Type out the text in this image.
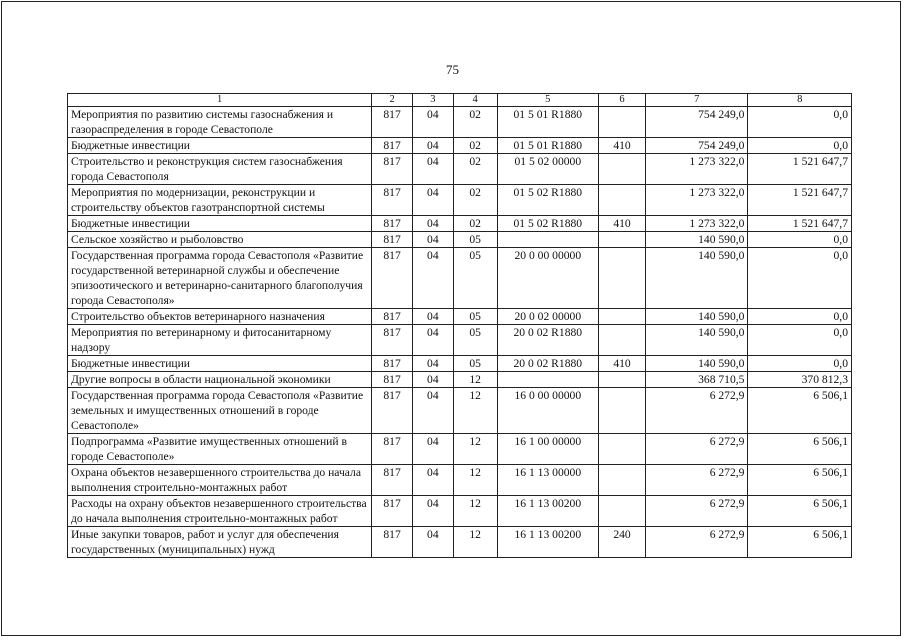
75
1	2	3	4	5	6	7	8
Мероприятия по развитию системы газоснабжения и газораспределения в городе Севастополе	817	04	02	01 5 01 R1880		754 249,0	0,0
Бюджетные инвестиции	817	04	02	01 5 01 R1880	410	754 249,0	0,0
Строительство и реконструкция систем газоснабжения города Севастополя	817	04	02	01 5 02 00000		1 273 322,0	1 521 647,7
Мероприятия по модернизации, реконструкции и строительству объектов газотранспортной системы	817	04	02	01 5 02 R1880		1 273 322,0	1 521 647,7
Бюджетные инвестиции	817	04	02	01 5 02 R1880	410	1 273 322,0	1 521 647,7
Сельское хозяйство и рыболовство	817	04	05			140 590,0	0,0
Государственная программа города Севастополя «Развитие государственной ветеринарной службы и обеспечение эпизоотического и ветеринарно-санитарного благополучия города Севастополя»	817	04	05	20 0 00 00000		140 590,0	0,0
Строительство объектов ветеринарного назначения	817	04	05	20 0 02 00000		140 590,0	0,0
Мероприятия по ветеринарному и фитосанитарному надзору	817	04	05	20 0 02 R1880		140 590,0	0,0
Бюджетные инвестиции	817	04	05	20 0 02 R1880	410	140 590,0	0,0
Другие вопросы в области национальной экономики	817	04	12			368 710,5	370 812,3
Государственная программа города Севастополя «Развитие земельных и имущественных отношений в городе Севастополе»	817	04	12	16 0 00 00000		6 272,9	6 506,1
Подпрограмма «Развитие имущественных отношений в городе Севастополе»	817	04	12	16 1 00 00000		6 272,9	6 506,1
Охрана объектов незавершенного строительства до начала выполнения строительно-монтажных работ	817	04	12	16 1 13 00000		6 272,9	6 506,1
Расходы на охрану объектов незавершенного строительства до начала выполнения строительно-монтажных работ	817	04	12	16 1 13 00200		6 272,9	6 506,1
Иные закупки товаров, работ и услуг для обеспечения государственных (муниципальных) нужд	817	04	12	16 1 13 00200	240	6 272,9	6 506,1
